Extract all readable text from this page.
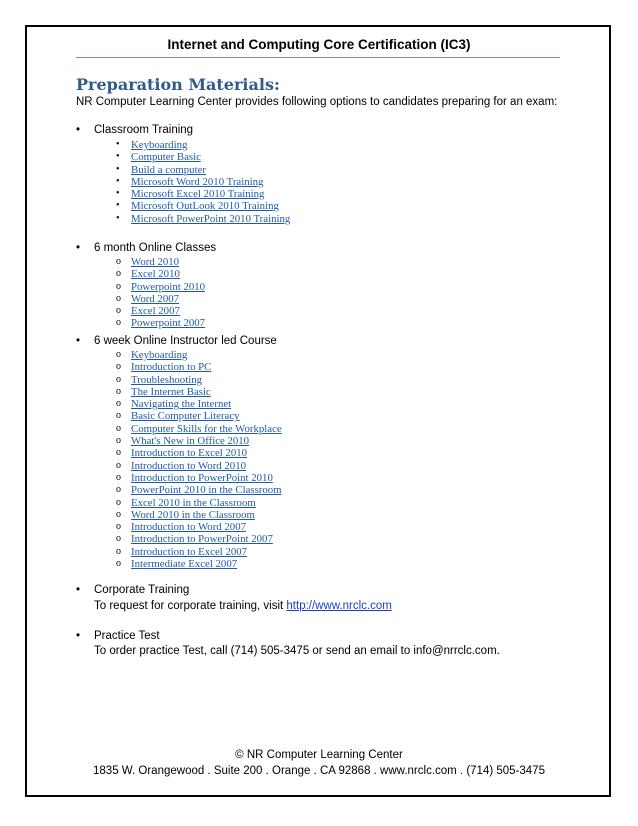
Internet and Computing Core Certification (IC3)
Preparation Materials:
NR Computer Learning Center provides following options to candidates preparing for an exam:
• Classroom Training
•	Keyboarding
•	Computer Basic
•	Build a computer
•	Microsoft Word 2010 Training
•	Microsoft Excel 2010 Training
•	Microsoft OutLook 2010 Training
•	Microsoft PowerPoint 2010 Training
• 6 month Online Classes
o Word 2010
o Excel 2010
o Powerpoint 2010
o Word 2007
o Excel 2007
o Powerpoint 2007
• 6 week Online Instructor led Course
o Keyboarding
o Introduction to PC
o Troubleshooting
o The Internet Basic
o Navigating the Internet
o Basic Computer Literacy
o Computer Skills for the Workplace
o What's New in Office 2010
o Introduction to Excel 2010
o Introduction to Word 2010
o Introduction to PowerPoint 2010
o PowerPoint 2010 in the Classroom
o Excel 2010 in the Classroom
o Word 2010 in the Classroom
o Introduction to Word 2007
o Introduction to PowerPoint 2007
o Introduction to Excel 2007
o Intermediate Excel 2007
• Corporate Training
To request for corporate training, visit http://www.nrclc.com
• Practice Test
To order practice Test, call (714) 505-3475 or send an email to info@nrrclc.com.
© NR Computer Learning Center
1835 W. Orangewood . Suite 200 . Orange . CA 92868 . www.nrclc.com . (714) 505-3475
